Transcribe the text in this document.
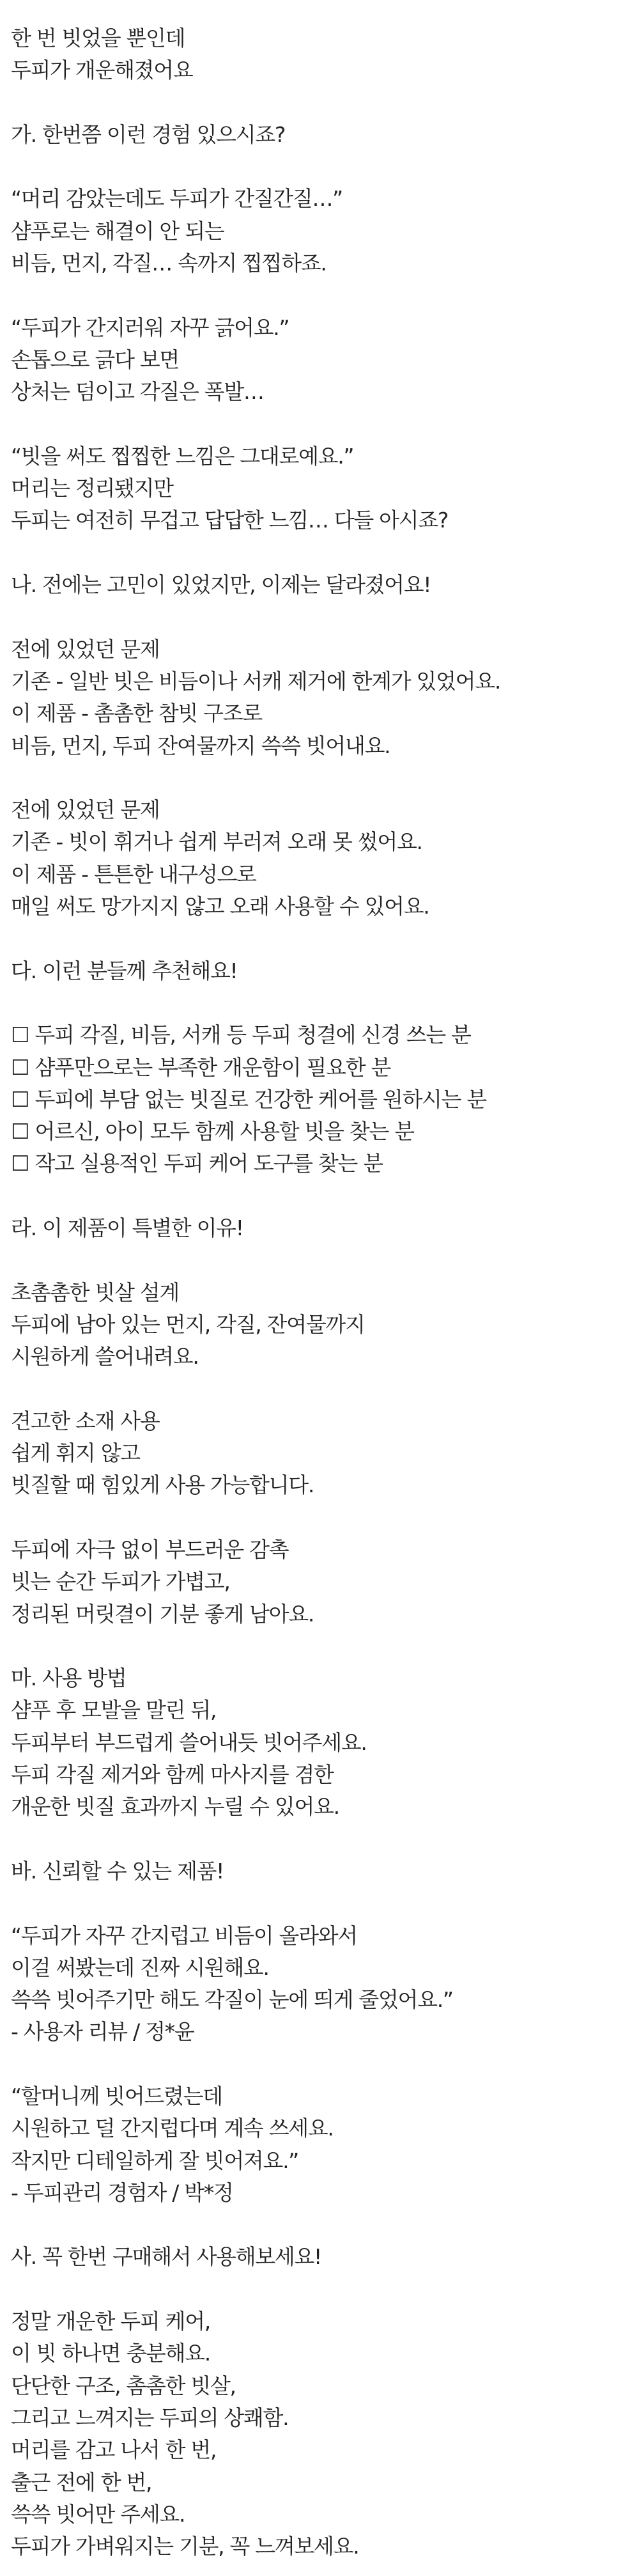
한 번 빗었을 뿐인데
두피가 개운해졌어요
가. 한번쯤 이런 경험 있으시죠?
“머리 감았는데도 두피가 간질간질…”
샴푸로는 해결이 안 되는
비듬, 먼지, 각질… 속까지 찝찝하죠.
“두피가 간지러워 자꾸 긁어요.”
손톱으로 긁다 보면
상처는 덤이고 각질은 폭발…
“빗을 써도 찝찝한 느낌은 그대로예요.”
머리는 정리됐지만
두피는 여전히 무겁고 답답한 느낌… 다들 아시죠?
나. 전에는 고민이 있었지만, 이제는 달라졌어요!
전에 있었던 문제
기존 - 일반 빗은 비듬이나 서캐 제거에 한계가 있었어요.
이 제품 - 촘촘한 참빗 구조로
비듬, 먼지, 두피 잔여물까지 쓱쓱 빗어내요.
전에 있었던 문제
기존 - 빗이 휘거나 쉽게 부러져 오래 못 썼어요.
이 제품 - 튼튼한 내구성으로
매일 써도 망가지지 않고 오래 사용할 수 있어요.
다. 이런 분들께 추천해요!
☐ 두피 각질, 비듬, 서캐 등 두피 청결에 신경 쓰는 분
☐ 샴푸만으로는 부족한 개운함이 필요한 분
☐ 두피에 부담 없는 빗질로 건강한 케어를 원하시는 분
☐ 어르신, 아이 모두 함께 사용할 빗을 찾는 분
☐ 작고 실용적인 두피 케어 도구를 찾는 분
라. 이 제품이 특별한 이유!
초촘촘한 빗살 설계
두피에 남아 있는 먼지, 각질, 잔여물까지
시원하게 쓸어내려요.
견고한 소재 사용
쉽게 휘지 않고
빗질할 때 힘있게 사용 가능합니다.
두피에 자극 없이 부드러운 감촉
빗는 순간 두피가 가볍고,
정리된 머릿결이 기분 좋게 남아요.
마. 사용 방법
샴푸 후 모발을 말린 뒤,
두피부터 부드럽게 쓸어내듯 빗어주세요.
두피 각질 제거와 함께 마사지를 겸한
개운한 빗질 효과까지 누릴 수 있어요.
바. 신뢰할 수 있는 제품!
“두피가 자꾸 간지럽고 비듬이 올라와서
이걸 써봤는데 진짜 시원해요.
쓱쓱 빗어주기만 해도 각질이 눈에 띄게 줄었어요.”
- 사용자 리뷰 / 정*윤
“할머니께 빗어드렸는데
시원하고 덜 간지럽다며 계속 쓰세요.
작지만 디테일하게 잘 빗어져요.”
- 두피관리 경험자 / 박*정
사. 꼭 한번 구매해서 사용해보세요!
정말 개운한 두피 케어,
이 빗 하나면 충분해요.
단단한 구조, 촘촘한 빗살,
그리고 느껴지는 두피의 상쾌함.
머리를 감고 나서 한 번,
출근 전에 한 번,
쓱쓱 빗어만 주세요.
두피가 가벼워지는 기분, 꼭 느껴보세요.
